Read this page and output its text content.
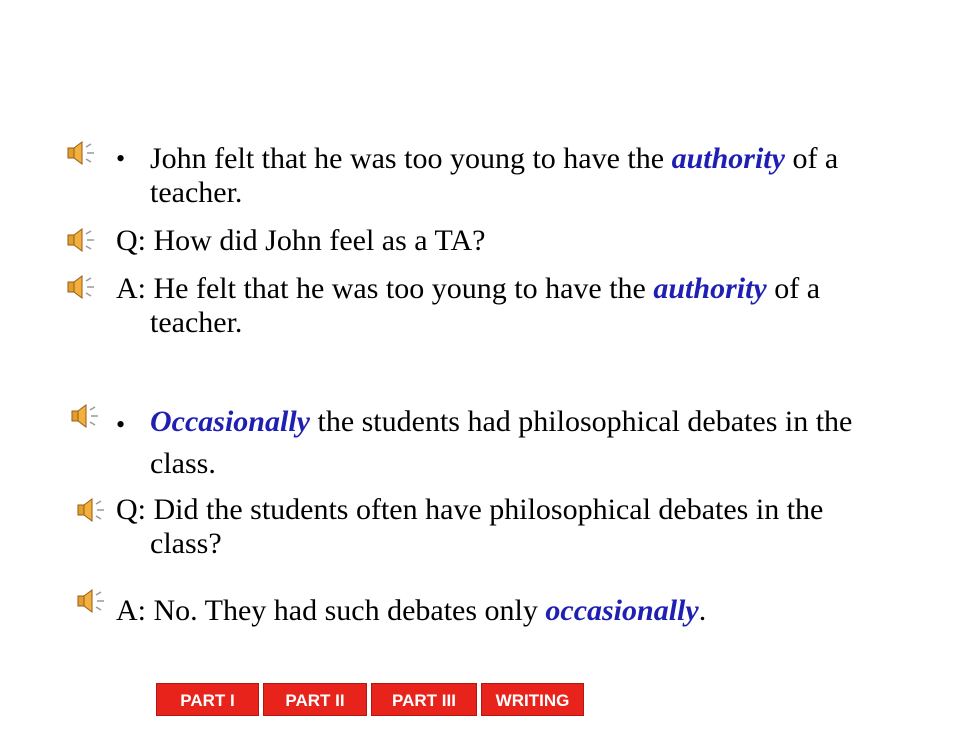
• John felt that he was too young to have the authority of a
teacher.
Q: How did John feel as a TA?
A: He felt that he was too young to have the authority of a
teacher.
• Occasionally the students had philosophical debates in the
class.
Q: Did the students often have philosophical debates in the
class?
A: No. They had such debates only occasionally.
PART I	PART II	PART III	WRITING
